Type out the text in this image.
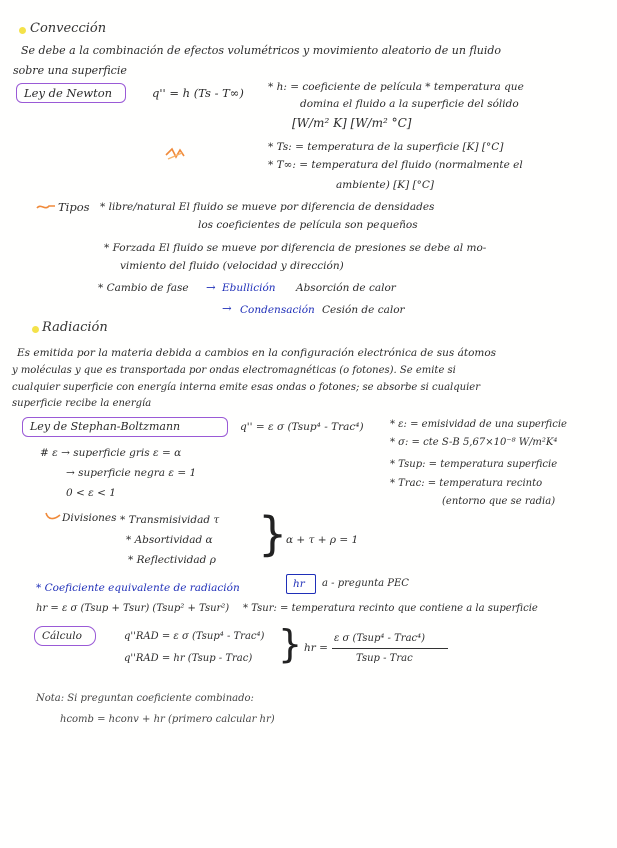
Convección
Se debe a la combinación de efectos volumétricos y movimiento aleatorio de un fluido
sobre una superficie
Ley de Newton	q'' = h (Ts - T∞) * h: = coeficiente de película * temperatura que
domina el fluido a la superficie del sólido
[W/m² K] [W/m² °C]
* Ts: = temperatura de la superficie [K] [°C]
* T∞: = temperatura del fluido (normalmente el
ambiente) [K] [°C]
Tipos * libre/natural El fluido se mueve por diferencia de densidades
los coeficientes de película son pequeños
* Forzada El fluido se mueve por diferencia de presiones se debe al mo-
vimiento del fluido (velocidad y dirección)
* Cambio de fase → Ebullición Absorción de calor
→ Condensación Cesión de calor
Radiación
Es emitida por la materia debida a cambios en la configuración electrónica de sus átomos
y moléculas y que es transportada por ondas electromagnéticas (o fotones). Se emite si
cualquier superficie con energía interna emite esas ondas o fotones; se absorbe si cualquier
superficie recibe la energía
Ley de Stephan-Boltzmann	q'' = ε σ (Tsup⁴ - Trac⁴)	* ε: = emisividad de una superficie
* σ: = cte S-B 5,67×10⁻⁸ W/m²K⁴
* Tsup: = temperatura superficie
* Trac: = temperatura recinto
(entorno que se radia)
# ε → superficie gris ε = α
→ superficie negra ε = 1
0 < ε < 1
Divisiones * Transmisividad τ
* Absortividad α
* Reflectividad ρ }
α + τ + ρ = 1
* Coeficiente equivalente de radiación	hr a - pregunta PEC
hr = ε σ (Tsup + Tsur) (Tsup² + Tsur²) * Tsur: = temperatura recinto que contiene a la superficie
Cálculo	q''RAD = ε σ (Tsup⁴ - Trac⁴)
q''RAD = hr (Tsup - Trac) } hr =
ε σ (Tsup⁴ - Trac⁴)
Tsup - Trac
Nota: Si preguntan coeficiente combinado:
hcomb = hconv + hr (primero calcular hr)
